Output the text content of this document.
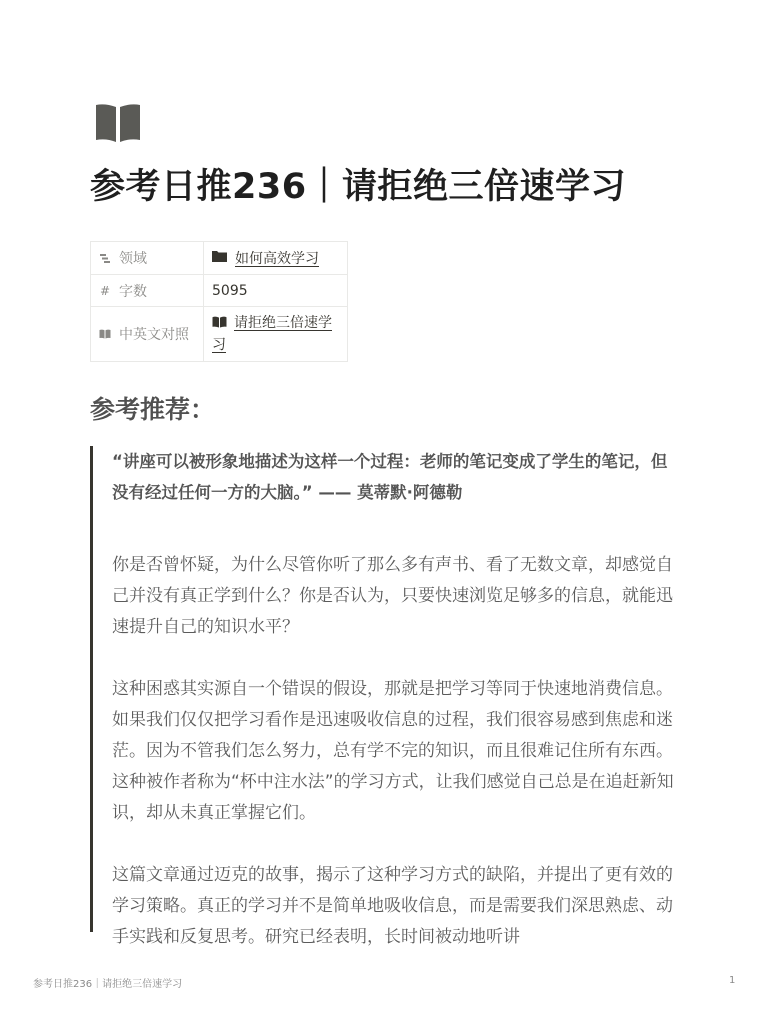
参考日推236｜请拒绝三倍速学习
领域	如何高效学习

# 字数	5095

中英文对照	请拒绝三倍速学习
参考推荐：
“讲座可以被形象地描述为这样一个过程：老师的笔记变成了学生的笔记，但没有经过任何一方的大脑。” —— 莫蒂默·阿德勒
你是否曾怀疑，为什么尽管你听了那么多有声书、看了无数文章，却感觉自己并没有真正学到什么？你是否认为，只要快速浏览足够多的信息，就能迅速提升自己的知识水平？
这种困惑其实源自一个错误的假设，那就是把学习等同于快速地消费信息。如果我们仅仅把学习看作是迅速吸收信息的过程，我们很容易感到焦虑和迷茫。因为不管我们怎么努力，总有学不完的知识，而且很难记住所有东西。这种被作者称为“杯中注水法”的学习方式，让我们感觉自己总是在追赶新知识，却从未真正掌握它们。
这篇文章通过迈克的故事，揭示了这种学习方式的缺陷，并提出了更有效的学习策略。真正的学习并不是简单地吸收信息，而是需要我们深思熟虑、动手实践和反复思考。研究已经表明，长时间被动地听讲
参考日推236｜请拒绝三倍速学习	1
